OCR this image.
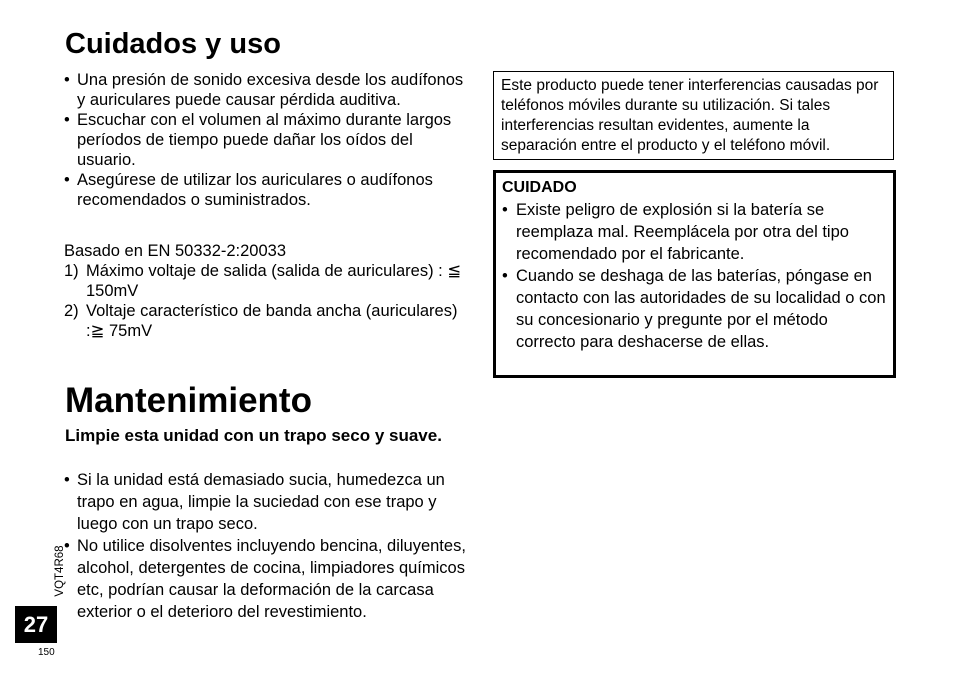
Cuidados y uso
• Una presión de sonido excesiva desde los audífonos y auriculares puede causar pérdida auditiva.
• Escuchar con el volumen al máximo durante largos períodos de tiempo puede dañar los oídos del usuario.
• Asegúrese de utilizar los auriculares o audífonos recomendados o suministrados.

Basado en EN 50332-2:20033

1) Máximo voltaje de salida (salida de auriculares) : ≦ 150mV

2) Voltaje característico de banda ancha (auriculares) :≧ 75mV

Mantenimiento

Limpie esta unidad con un trapo seco y suave.

• Si la unidad está demasiado sucia, humedezca un trapo en agua, limpie la suciedad con ese trapo y luego con un trapo seco.
• No utilice disolventes incluyendo bencina, diluyentes, alcohol, detergentes de cocina, limpiadores químicos etc, podrían causar la deformación de la carcasa exterior o el deterioro del revestimiento.
Este producto puede tener interferencias causadas por teléfonos móviles durante su utilización. Si tales interferencias resultan evidentes, aumente la separación entre el producto y el teléfono móvil.

CUIDADO

• Existe peligro de explosión si la batería se reemplaza mal. Reemplácela por otra del tipo recomendado por el fabricante.
• Cuando se deshaga de las baterías, póngase en contacto con las autoridades de su localidad o con su concesionario y pregunte por el método correcto para deshacerse de ellas.
VQT4R68
27
150
